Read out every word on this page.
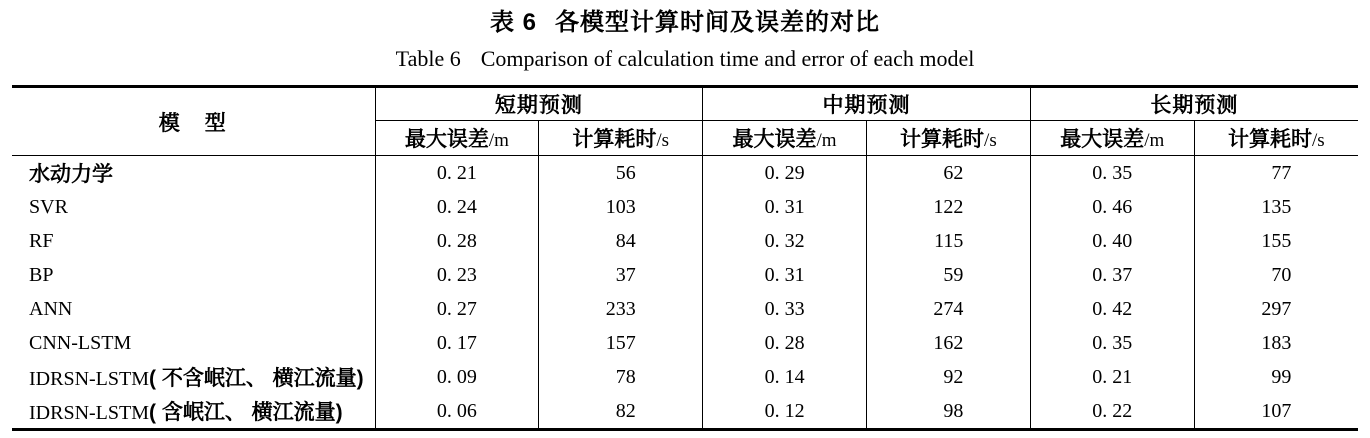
表 6 各模型计算时间及误差的对比
Table 6 Comparison of calculation time and error of each model
模　型	短期预测		中期预测		长期预测	
	最大误差/m	计算耗时/s	最大误差/m	计算耗时/s	最大误差/m	计算耗时/s
水动力学	0. 21	56	0. 29	62	0. 35	77
SVR	0. 24	103	0. 31	122	0. 46	135
RF	0. 28	84	0. 32	115	0. 40	155
BP	0. 23	37	0. 31	59	0. 37	70
ANN	0. 27	233	0. 33	274	0. 42	297
CNN-LSTM	0. 17	157	0. 28	162	0. 35	183
IDRSN-LSTM( 不含岷江、 横江流量)	0. 09	78	0. 14	92	0. 21	99
IDRSN-LSTM( 含岷江、 横江流量)	0. 06	82	0. 12	98	0. 22	107
